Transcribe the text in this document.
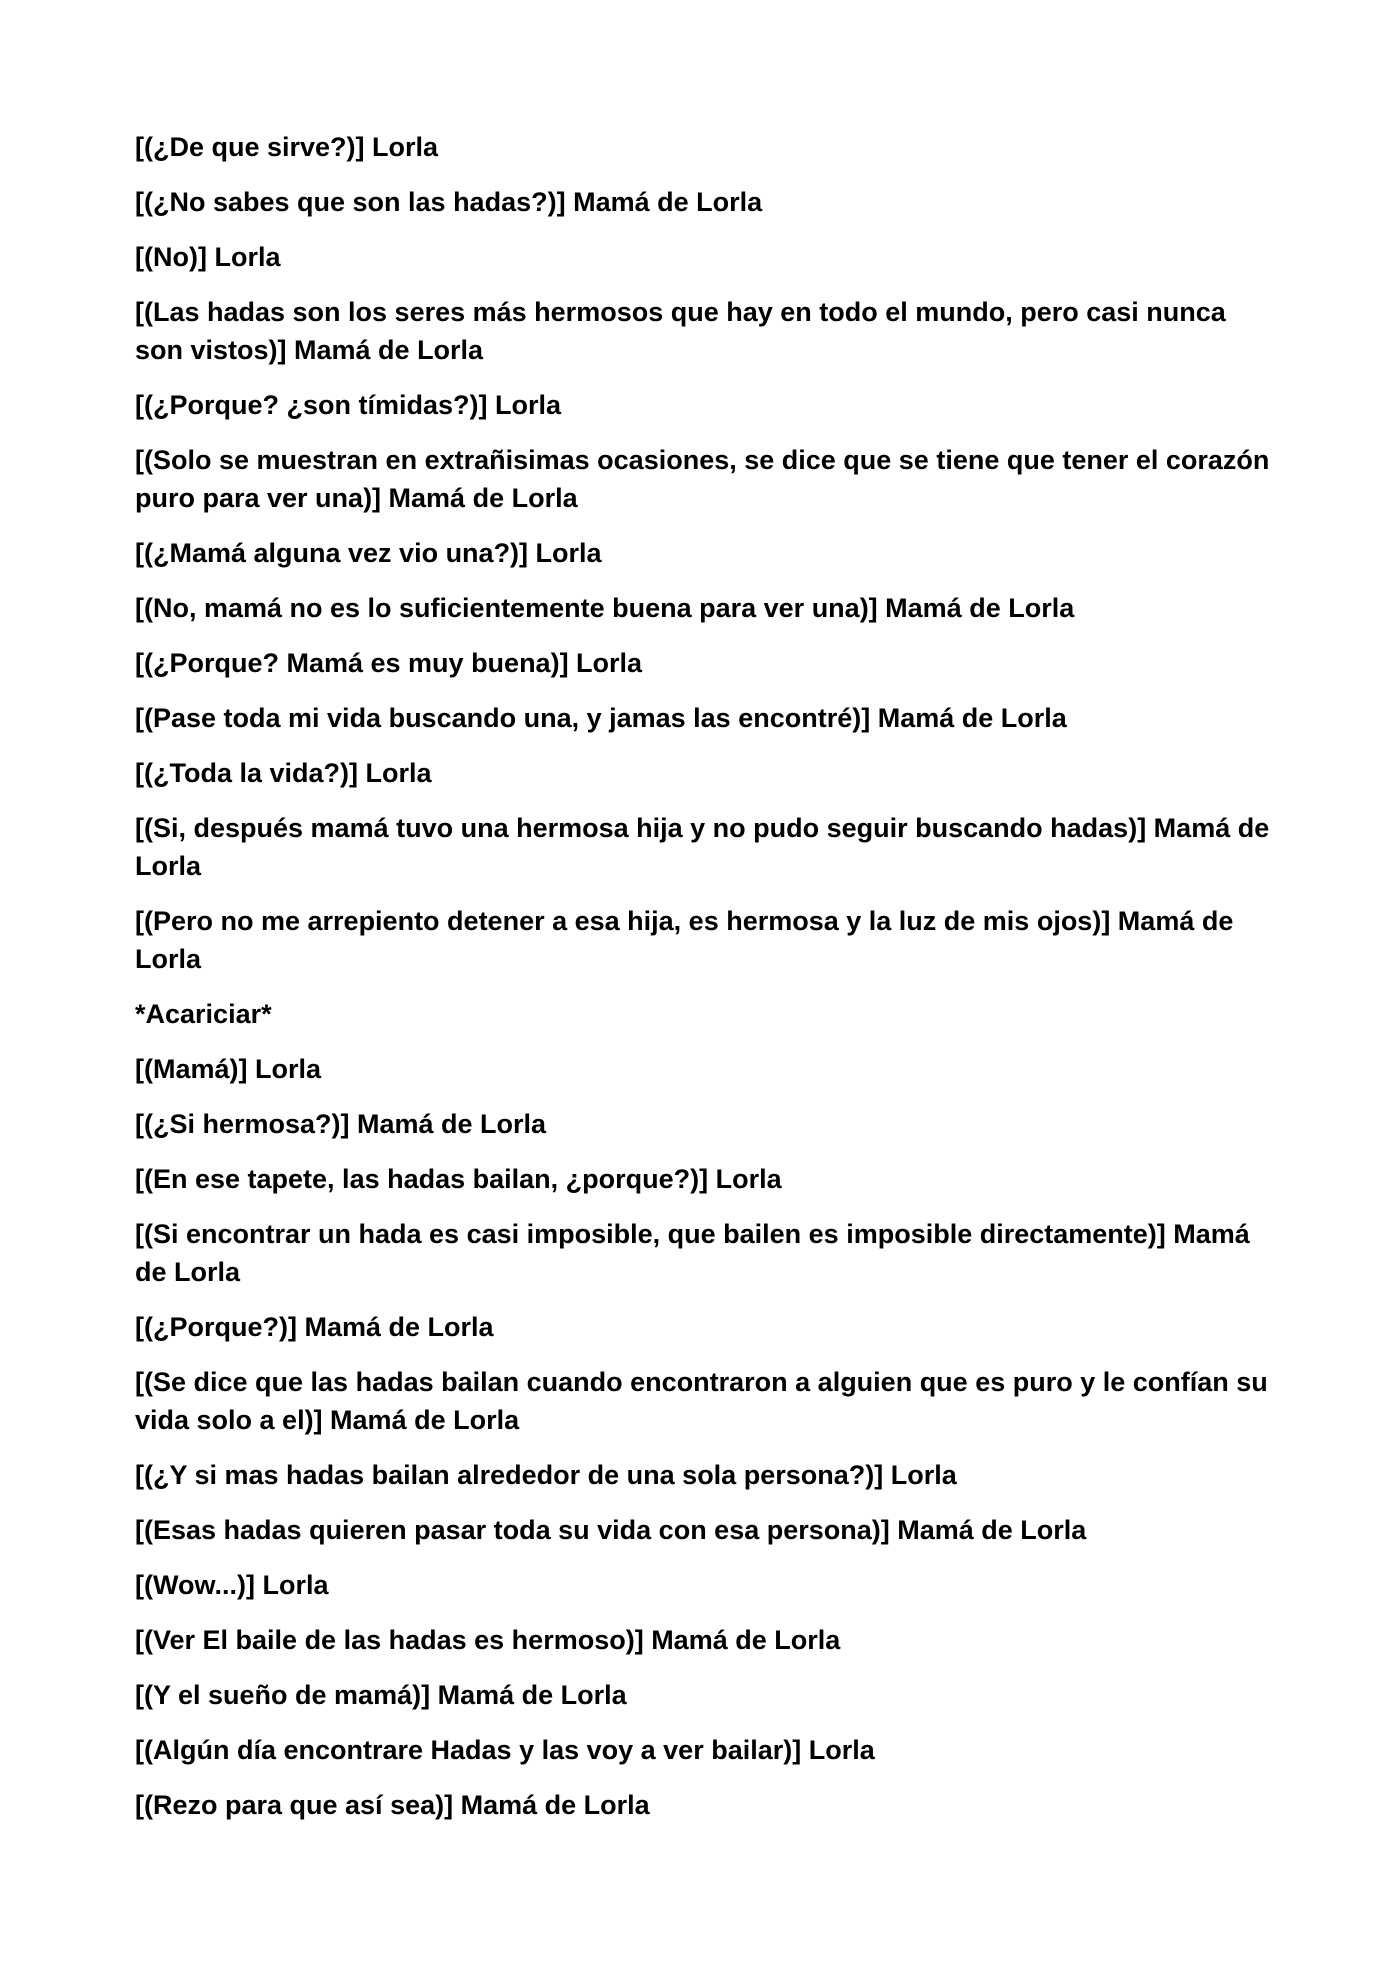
[(¿De que sirve?)] Lorla

[(¿No sabes que son las hadas?)] Mamá de Lorla

[(No)] Lorla

[(Las hadas son los seres más hermosos que hay en todo el mundo, pero casi nunca son vistos)] Mamá de Lorla

[(¿Porque? ¿son tímidas?)] Lorla

[(Solo se muestran en extrañisimas ocasiones, se dice que se tiene que tener el corazón puro para ver una)] Mamá de Lorla

[(¿Mamá alguna vez vio una?)] Lorla

[(No, mamá no es lo suficientemente buena para ver una)] Mamá de Lorla

[(¿Porque? Mamá es muy buena)] Lorla

[(Pase toda mi vida buscando una, y jamas las encontré)] Mamá de Lorla

[(¿Toda la vida?)] Lorla

[(Si, después mamá tuvo una hermosa hija y no pudo seguir buscando hadas)] Mamá de Lorla

[(Pero no me arrepiento detener a esa hija, es hermosa y la luz de mis ojos)] Mamá de Lorla

*Acariciar*

[(Mamá)] Lorla

[(¿Si hermosa?)] Mamá de Lorla

[(En ese tapete, las hadas bailan, ¿porque?)] Lorla

[(Si encontrar un hada es casi imposible, que bailen es imposible directamente)] Mamá de Lorla

[(¿Porque?)] Mamá de Lorla

[(Se dice que las hadas bailan cuando encontraron a alguien que es puro y le confían su vida solo a el)] Mamá de Lorla

[(¿Y si mas hadas bailan alrededor de una sola persona?)] Lorla

[(Esas hadas quieren pasar toda su vida con esa persona)] Mamá de Lorla

[(Wow...)] Lorla

[(Ver El baile de las hadas es hermoso)] Mamá de Lorla

[(Y el sueño de mamá)] Mamá de Lorla

[(Algún día encontrare Hadas y las voy a ver bailar)] Lorla

[(Rezo para que así sea)] Mamá de Lorla
